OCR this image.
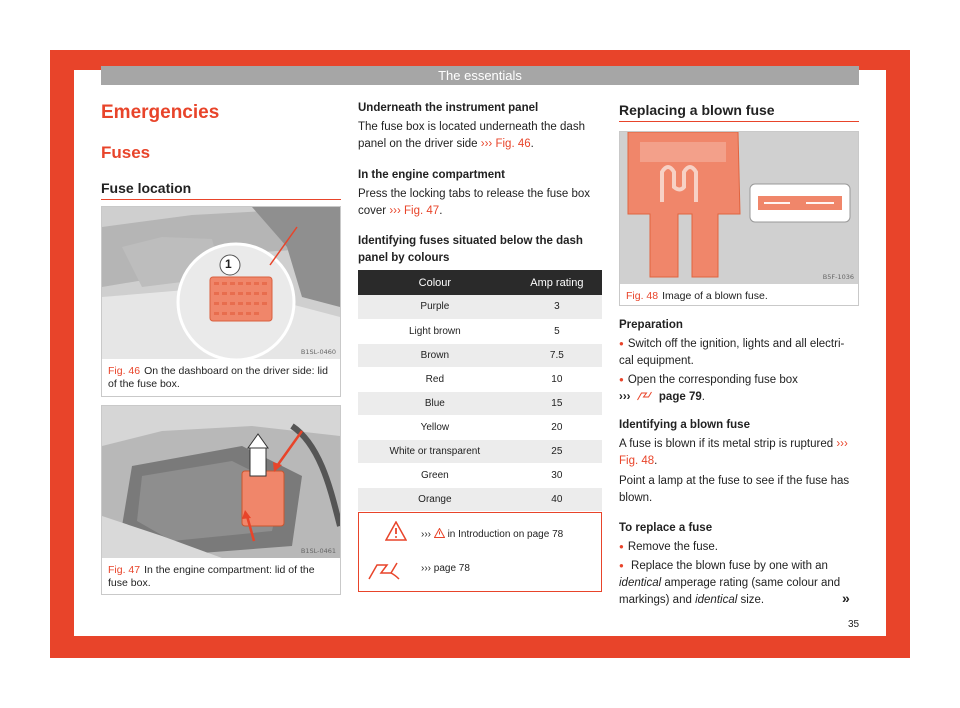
The essentials
Emergencies
Fuses
Fuse location
1
B1SL-0460
Fig. 46 On the dashboard on the driver side: lid of the fuse box.
B1SL-0461
Fig. 47 In the engine compartment: lid of the fuse box.
Underneath the instrument panel
The fuse box is located underneath the dash panel on the driver side ››› Fig. 46.
In the engine compartment
Press the locking tabs to release the fuse box cover ››› Fig. 47.
Identifying fuses situated below the dash panel by colours
Colour	Amp rating
Purple	3
Light brown	5
Brown	7.5
Red	10
Blue	15
Yellow	20
White or transparent	25
Green	30
Orange	40
››› in Introduction on page 78
››› page 78
Replacing a blown fuse
B5F-1036
Fig. 48 Image of a blown fuse.
Preparation
● Switch off the ignition, lights and all electri-cal equipment.
● Open the corresponding fuse box
››› page 79.
Identifying a blown fuse
A fuse is blown if its metal strip is ruptured ››› Fig. 48.
Point a lamp at the fuse to see if the fuse has blown.
To replace a fuse
● Remove the fuse.
● Replace the blown fuse by one with an identical amperage rating (same colour and markings) and identical size.	»
35
